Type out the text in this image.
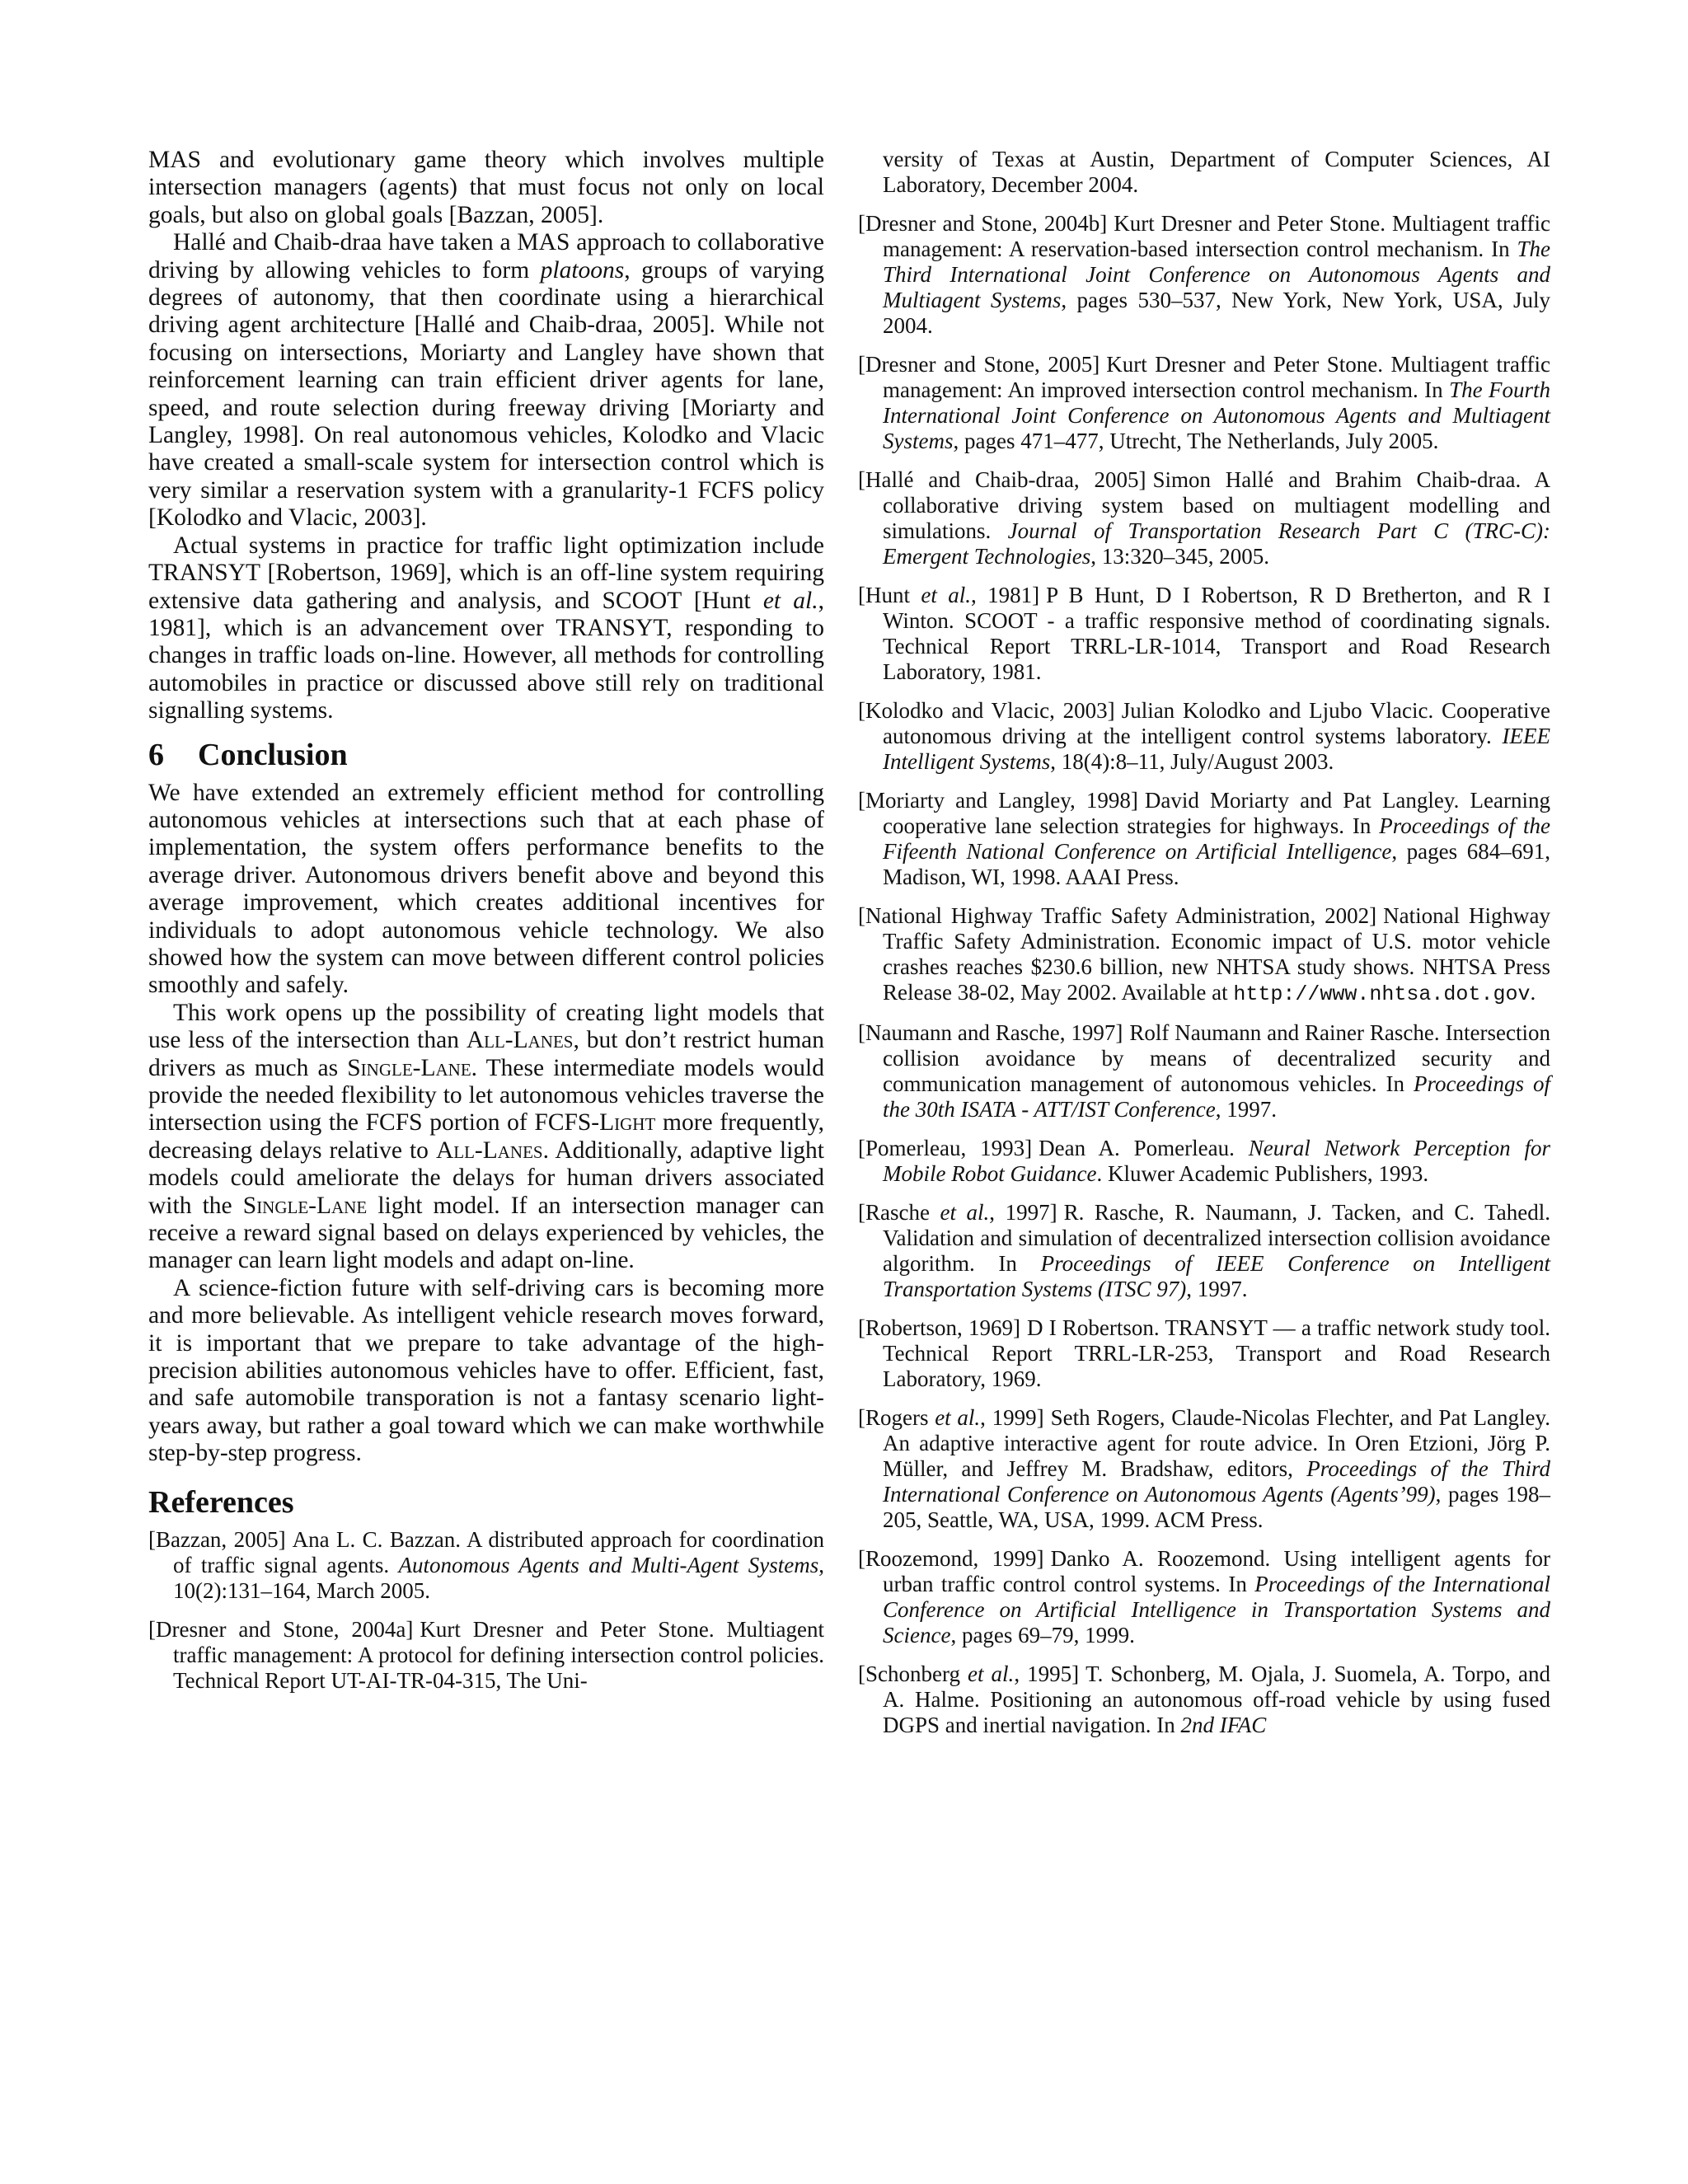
MAS and evolutionary game theory which involves multiple intersection managers (agents) that must focus not only on local goals, but also on global goals [Bazzan, 2005].

Hallé and Chaib-draa have taken a MAS approach to collaborative driving by allowing vehicles to form platoons, groups of varying degrees of autonomy, that then coordinate using a hierarchical driving agent architecture [Hallé and Chaib-draa, 2005]. While not focusing on intersections, Moriarty and Langley have shown that reinforcement learning can train efficient driver agents for lane, speed, and route selection during freeway driving [Moriarty and Langley, 1998]. On real autonomous vehicles, Kolodko and Vlacic have created a small-scale system for intersection control which is very similar a reservation system with a granularity-1 FCFS policy [Kolodko and Vlacic, 2003].

Actual systems in practice for traffic light optimization include TRANSYT [Robertson, 1969], which is an off-line system requiring extensive data gathering and analysis, and SCOOT [Hunt et al., 1981], which is an advancement over TRANSYT, responding to changes in traffic loads on-line. However, all methods for controlling automobiles in practice or discussed above still rely on traditional signalling systems.

6 Conclusion

We have extended an extremely efficient method for controlling autonomous vehicles at intersections such that at each phase of implementation, the system offers performance benefits to the average driver. Autonomous drivers benefit above and beyond this average improvement, which creates additional incentives for individuals to adopt autonomous vehicle technology. We also showed how the system can move between different control policies smoothly and safely.

This work opens up the possibility of creating light models that use less of the intersection than All-Lanes, but don’t restrict human drivers as much as Single-Lane. These intermediate models would provide the needed flexibility to let autonomous vehicles traverse the intersection using the FCFS portion of FCFS-Light more frequently, decreasing delays relative to All-Lanes. Additionally, adaptive light models could ameliorate the delays for human drivers associated with the Single-Lane light model. If an intersection manager can receive a reward signal based on delays experienced by vehicles, the manager can learn light models and adapt on-line.

A science-fiction future with self-driving cars is becoming more and more believable. As intelligent vehicle research moves forward, it is important that we prepare to take advantage of the high-precision abilities autonomous vehicles have to offer. Efficient, fast, and safe automobile transporation is not a fantasy scenario light-years away, but rather a goal toward which we can make worthwhile step-by-step progress.

References
[Bazzan, 2005] Ana L. C. Bazzan. A distributed approach for coordination of traffic signal agents. Autonomous Agents and Multi-Agent Systems, 10(2):131–164, March 2005.
[Dresner and Stone, 2004a] Kurt Dresner and Peter Stone. Multiagent traffic management: A protocol for defining intersection control policies. Technical Report UT-AI-TR-04-315, The Uni-
versity of Texas at Austin, Department of Computer Sciences, AI Laboratory, December 2004.
[Dresner and Stone, 2004b] Kurt Dresner and Peter Stone. Multiagent traffic management: A reservation-based intersection control mechanism. In The Third International Joint Conference on Autonomous Agents and Multiagent Systems, pages 530–537, New York, New York, USA, July 2004.
[Dresner and Stone, 2005] Kurt Dresner and Peter Stone. Multiagent traffic management: An improved intersection control mechanism. In The Fourth International Joint Conference on Autonomous Agents and Multiagent Systems, pages 471–477, Utrecht, The Netherlands, July 2005.
[Hallé and Chaib-draa, 2005] Simon Hallé and Brahim Chaib-draa. A collaborative driving system based on multiagent modelling and simulations. Journal of Transportation Research Part C (TRC-C): Emergent Technologies, 13:320–345, 2005.
[Hunt et al., 1981] P B Hunt, D I Robertson, R D Bretherton, and R I Winton. SCOOT - a traffic responsive method of coordinating signals. Technical Report TRRL-LR-1014, Transport and Road Research Laboratory, 1981.
[Kolodko and Vlacic, 2003] Julian Kolodko and Ljubo Vlacic. Cooperative autonomous driving at the intelligent control systems laboratory. IEEE Intelligent Systems, 18(4):8–11, July/August 2003.
[Moriarty and Langley, 1998] David Moriarty and Pat Langley. Learning cooperative lane selection strategies for highways. In Proceedings of the Fifeenth National Conference on Artificial Intelligence, pages 684–691, Madison, WI, 1998. AAAI Press.
[National Highway Traffic Safety Administration, 2002] National Highway Traffic Safety Administration. Economic impact of U.S. motor vehicle crashes reaches $230.6 billion, new NHTSA study shows. NHTSA Press Release 38-02, May 2002. Available at http://www.nhtsa.dot.gov.
[Naumann and Rasche, 1997] Rolf Naumann and Rainer Rasche. Intersection collision avoidance by means of decentralized security and communication management of autonomous vehicles. In Proceedings of the 30th ISATA - ATT/IST Conference, 1997.
[Pomerleau, 1993] Dean A. Pomerleau. Neural Network Perception for Mobile Robot Guidance. Kluwer Academic Publishers, 1993.
[Rasche et al., 1997] R. Rasche, R. Naumann, J. Tacken, and C. Tahedl. Validation and simulation of decentralized intersection collision avoidance algorithm. In Proceedings of IEEE Conference on Intelligent Transportation Systems (ITSC 97), 1997.
[Robertson, 1969] D I Robertson. TRANSYT — a traffic network study tool. Technical Report TRRL-LR-253, Transport and Road Research Laboratory, 1969.
[Rogers et al., 1999] Seth Rogers, Claude-Nicolas Flechter, and Pat Langley. An adaptive interactive agent for route advice. In Oren Etzioni, Jörg P. Müller, and Jeffrey M. Bradshaw, editors, Proceedings of the Third International Conference on Autonomous Agents (Agents’99), pages 198–205, Seattle, WA, USA, 1999. ACM Press.
[Roozemond, 1999] Danko A. Roozemond. Using intelligent agents for urban traffic control control systems. In Proceedings of the International Conference on Artificial Intelligence in Transportation Systems and Science, pages 69–79, 1999.
[Schonberg et al., 1995] T. Schonberg, M. Ojala, J. Suomela, A. Torpo, and A. Halme. Positioning an autonomous off-road vehicle by using fused DGPS and inertial navigation. In 2nd IFAC
